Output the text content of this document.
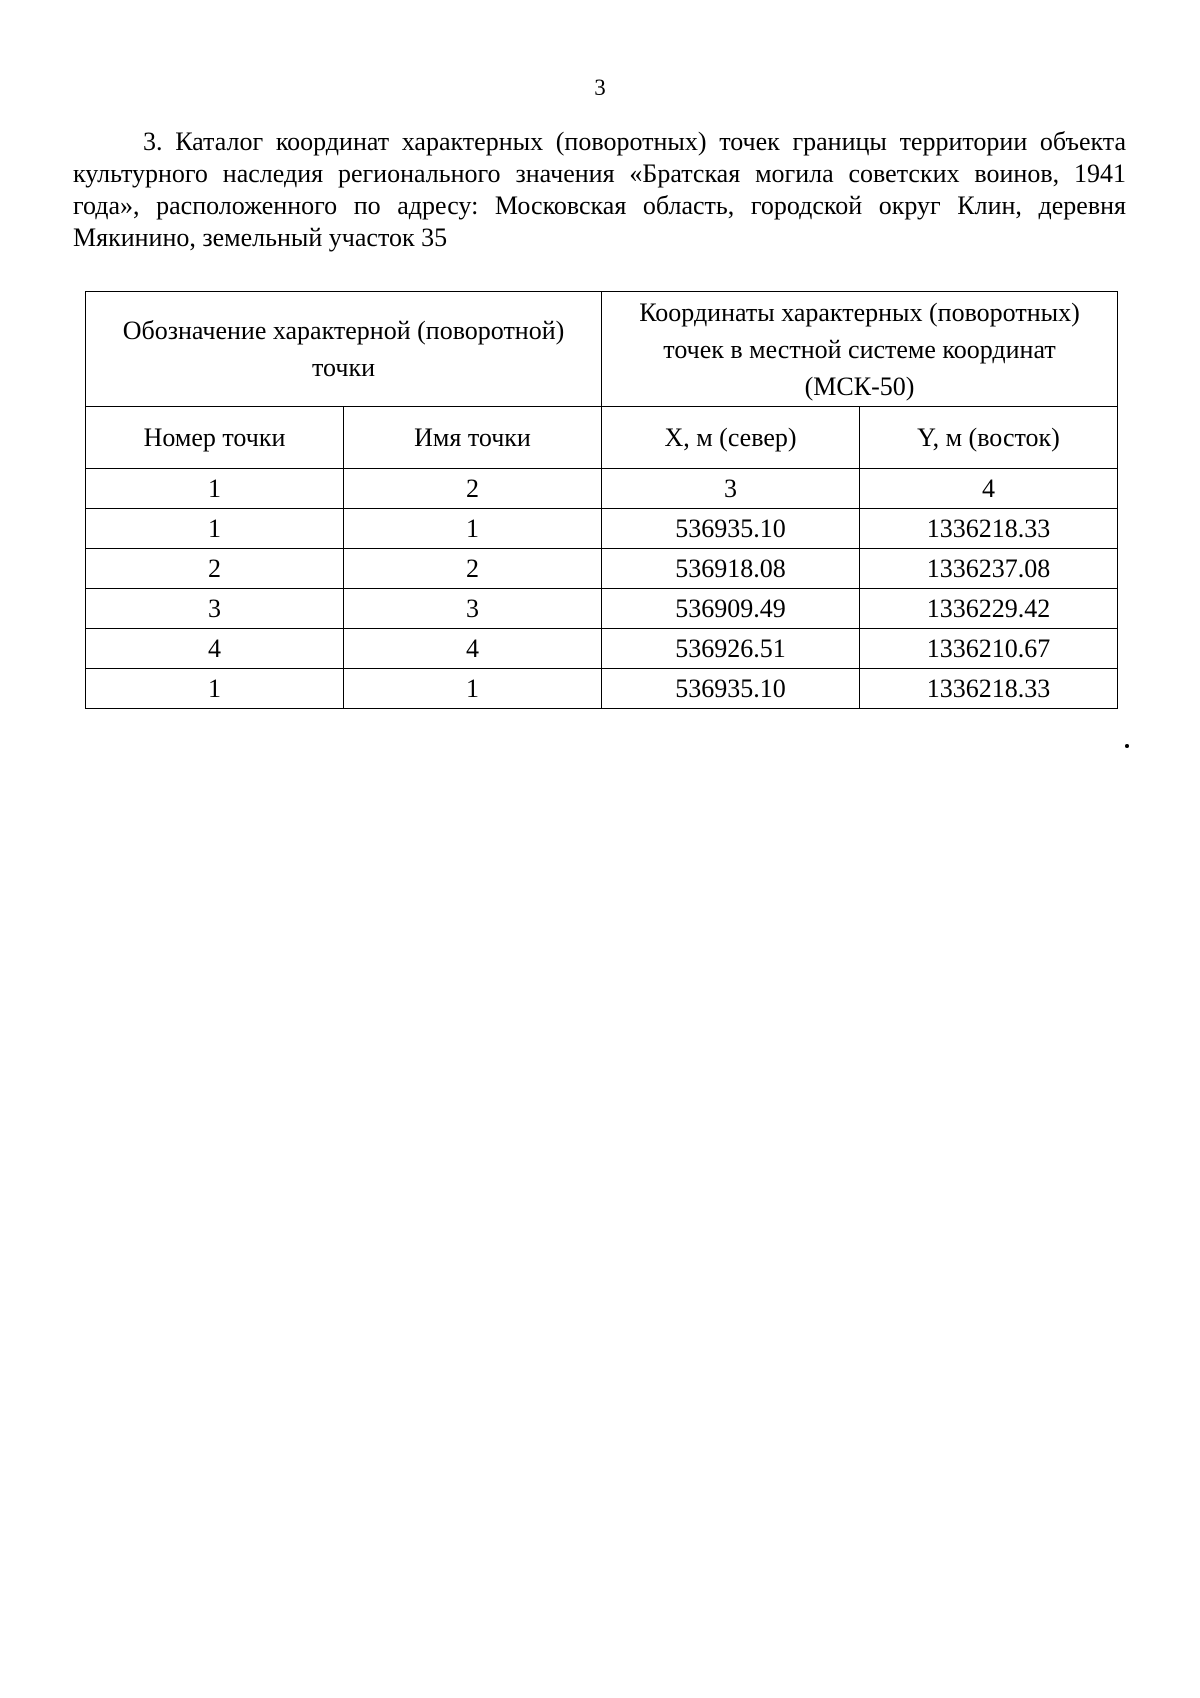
3

3. Каталог координат характерных (поворотных) точек границы территории объекта культурного наследия регионального значения «Братская могила советских воинов, 1941 года», расположенного по адресу: Московская область, городской округ Клин, деревня Мякинино, земельный участок 35

Обозначение характерной (поворотной) точки		Координаты характерных (поворотных) точек в местной системе координат (МСК-50)	
Номер точки	Имя точки	X, м (север)	Y, м (восток)
1	2	3	4
1	1	536935.10	1336218.33
2	2	536918.08	1336237.08
3	3	536909.49	1336229.42
4	4	536926.51	1336210.67
1	1	536935.10	1336218.33
